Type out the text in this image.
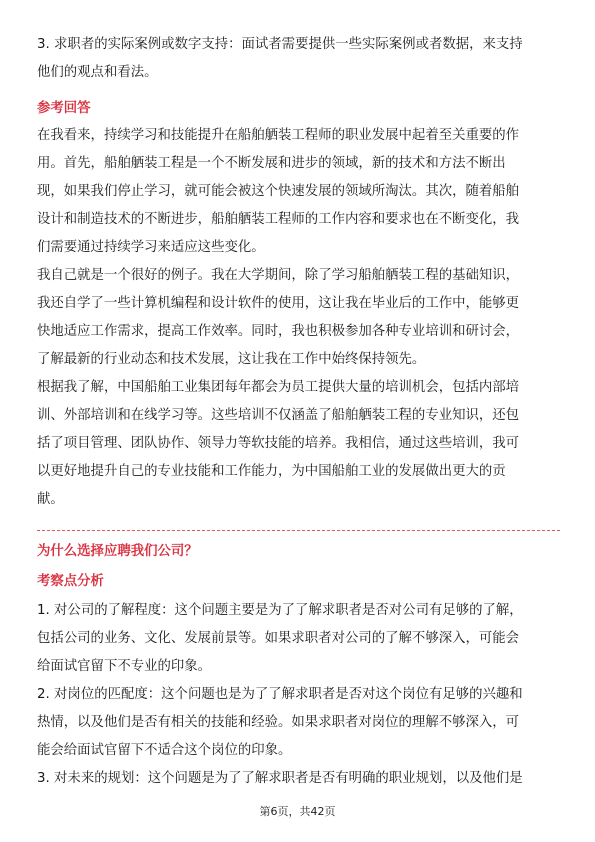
3. 求职者的实际案例或数字支持：面试者需要提供一些实际案例或者数据，来支持
他们的观点和看法。
参考回答
在我看来，持续学习和技能提升在船舶舾装工程师的职业发展中起着至关重要的作
用。首先，船舶舾装工程是一个不断发展和进步的领域，新的技术和方法不断出
现，如果我们停止学习，就可能会被这个快速发展的领域所淘汰。其次，随着船舶
设计和制造技术的不断进步，船舶舾装工程师的工作内容和要求也在不断变化，我
们需要通过持续学习来适应这些变化。
我自己就是一个很好的例子。我在大学期间，除了学习船舶舾装工程的基础知识，
我还自学了一些计算机编程和设计软件的使用，这让我在毕业后的工作中，能够更
快地适应工作需求，提高工作效率。同时，我也积极参加各种专业培训和研讨会，
了解最新的行业动态和技术发展，这让我在工作中始终保持领先。
根据我了解，中国船舶工业集团每年都会为员工提供大量的培训机会，包括内部培
训、外部培训和在线学习等。这些培训不仅涵盖了船舶舾装工程的专业知识，还包
括了项目管理、团队协作、领导力等软技能的培养。我相信，通过这些培训，我可
以更好地提升自己的专业技能和工作能力，为中国船舶工业的发展做出更大的贡
献。
为什么选择应聘我们公司？
考察点分析
1. 对公司的了解程度：这个问题主要是为了了解求职者是否对公司有足够的了解，
包括公司的业务、文化、发展前景等。如果求职者对公司的了解不够深入，可能会
给面试官留下不专业的印象。
2. 对岗位的匹配度：这个问题也是为了了解求职者是否对这个岗位有足够的兴趣和
热情，以及他们是否有相关的技能和经验。如果求职者对岗位的理解不够深入，可
能会给面试官留下不适合这个岗位的印象。
3. 对未来的规划：这个问题是为了了解求职者是否有明确的职业规划，以及他们是
第6页，共42页
